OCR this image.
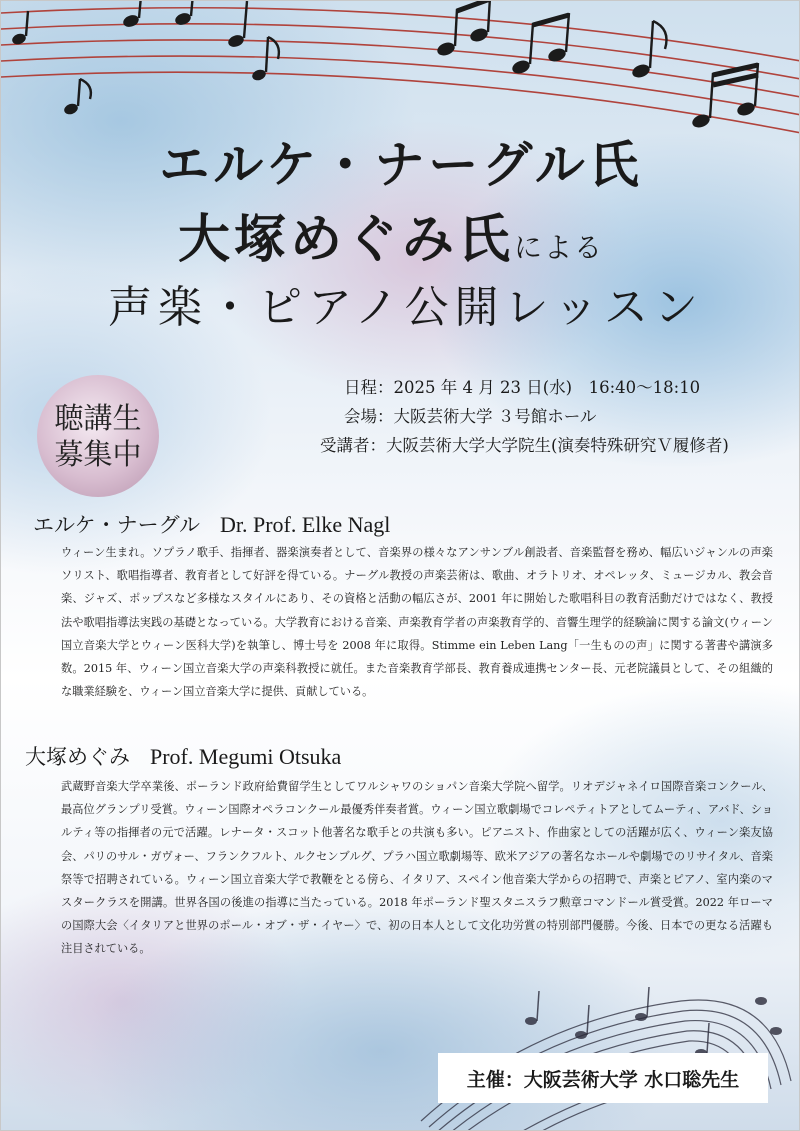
エルケ・ナーグル氏
大塚めぐみ氏による
声楽・ピアノ公開レッスン
聴講生
募集中
日程：2025 年 4 月 23 日(水)　16:40～18:10
会場：大阪芸術大学 ３号館ホール
受講者：大阪芸術大学大学院生(演奏特殊研究Ｖ履修者)
エルケ・ナーグル Dr. Prof. Elke Nagl
ウィーン生まれ。ソプラノ歌手、指揮者、器楽演奏者として、音楽界の様々なアンサンブル創設者、音楽監督を務め、幅広いジャンルの声楽ソリスト、歌唱指導者、教育者として好評を得ている。ナーグル教授の声楽芸術は、歌曲、オラトリオ、オペレッタ、ミュージカル、教会音楽、ジャズ、ポップスなど多様なスタイルにあり、その資格と活動の幅広さが、2001 年に開始した歌唱科目の教育活動だけではなく、教授法や歌唱指導法実践の基礎となっている。大学教育における音楽、声楽教育学者の声楽教育学的、音響生理学的経験論に関する論文(ウィーン国立音楽大学とウィーン医科大学)を執筆し、博士号を 2008 年に取得。Stimme ein Leben Lang「一生ものの声」に関する著書や講演多数。2015 年、ウィーン国立音楽大学の声楽科教授に就任。また音楽教育学部長、教育養成連携センター長、元老院議員として、その組織的な職業経験を、ウィーン国立音楽大学に提供、貢献している。
大塚めぐみ Prof. Megumi Otsuka
武蔵野音楽大学卒業後、ポーランド政府給費留学生としてワルシャワのショパン音楽大学院へ留学。リオデジャネイロ国際音楽コンクール、最高位グランプリ受賞。ウィーン国際オペラコンクール最優秀伴奏者賞。ウィーン国立歌劇場でコレペティトアとしてムーティ、アバド、ショルティ等の指揮者の元で活躍。レナータ・スコット他著名な歌手との共演も多い。ピアニスト、作曲家としての活躍が広く、ウィーン楽友協会、パリのサル・ガヴォー、フランクフルト、ルクセンブルグ、プラハ国立歌劇場等、欧米アジアの著名なホールや劇場でのリサイタル、音楽祭等で招聘されている。ウィーン国立音楽大学で教鞭をとる傍ら、イタリア、スペイン他音楽大学からの招聘で、声楽とピアノ、室内楽のマスタークラスを開講。世界各国の後進の指導に当たっている。2018 年ポーランド聖スタニスラフ勲章コマンドール賞受賞。2022 年ローマの国際大会〈イタリアと世界のポール・オブ・ザ・イヤー〉で、初の日本人として文化功労賞の特別部門優勝。今後、日本での更なる活躍も注目されている。
主催：大阪芸術大学 水口聡先生
